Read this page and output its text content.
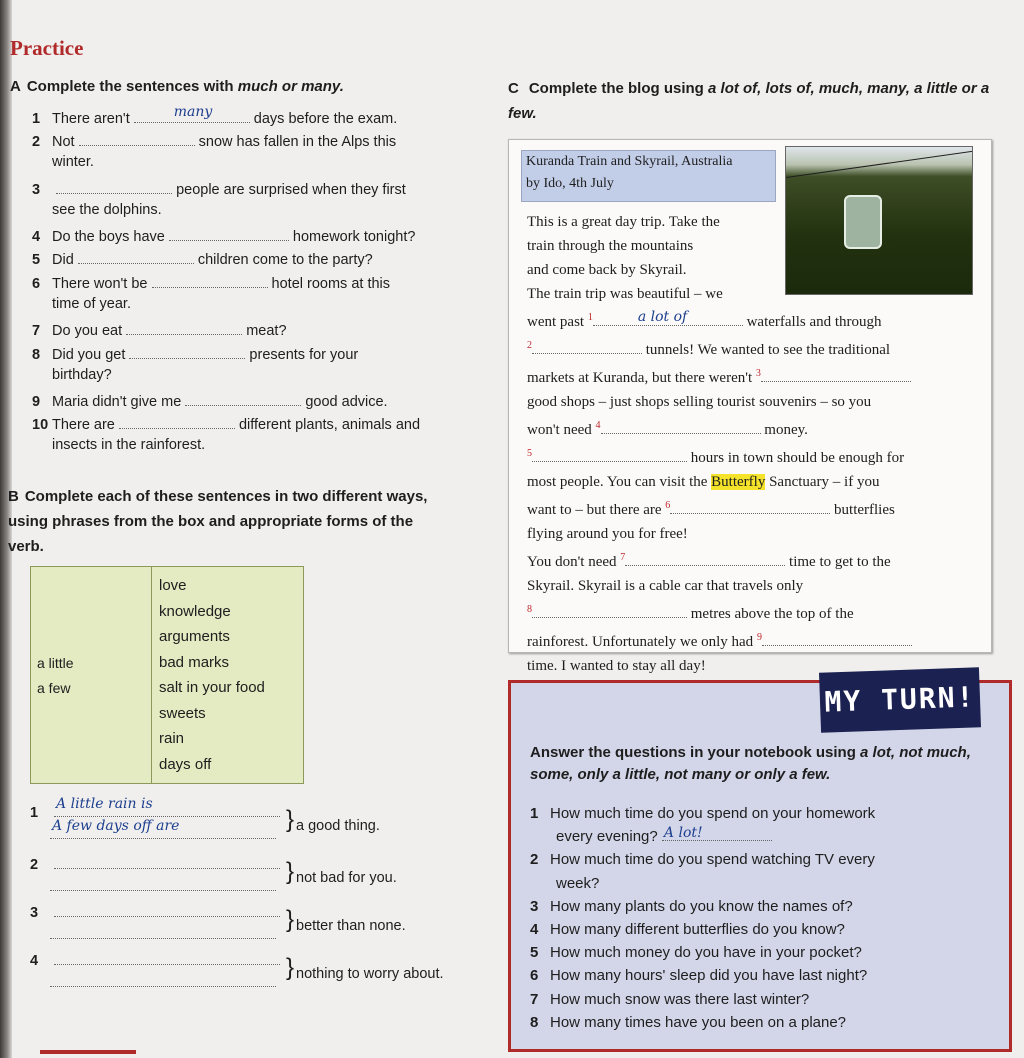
Practice
A Complete the sentences with much or many.
1 There aren't	many	days before the exam.
2 Not	snow has fallen in the Alps this
winter.
3	people are surprised when they first
see the dolphins.
4 Do the boys have	homework tonight?
5 Did	children come to the party?
6 There won't be	hotel rooms at this
time of year.
7 Do you eat	meat?
8 Did you get	presents for your
birthday?
9 Maria didn't give me	good advice.
10 There are	different plants, animals and
insects in the rainforest.
B Complete each of these sentences in two different ways, using phrases from the box and appropriate forms of the verb.
a little
a few
love
knowledge
arguments
bad marks
salt in your food
sweets
rain
days off
1
A little rain is
A few days off are	} a good thing.
2	} not bad for you.
3	} better than none.
4	} nothing to worry about.
C Complete the blog using a lot of, lots of, much, many, a little or a few.
Kuranda Train and Skyrail, Australia
by Ido, 4th July
This is a great day trip. Take the
train through the mountains
and come back by Skyrail.
The train trip was beautiful – we
went past $^1$	a lot of	waterfalls and through
$^2$	tunnels! We wanted to see the traditional
markets at Kuranda, but there weren't $^3$
good shops – just shops selling tourist souvenirs – so you
won't need $^4$	money.
$^5$	hours in town should be enough for
most people. You can visit the Butterfly Sanctuary – if you
want to – but there are $^6$	butterflies
flying around you for free!
You don't need $^7$	time to get to the
Skyrail. Skyrail is a cable car that travels only
$^8$	metres above the top of the
rainforest. Unfortunately we only had $^9$
time. I wanted to stay all day!
MY TURN!
Answer the questions in your notebook using a lot, not much, some, only a little, not many or only a few.
1 How much time do you spend on your homework
every evening? A lot!
2 How much time do you spend watching TV every
week?
3 How many plants do you know the names of?
4 How many different butterflies do you know?
5 How much money do you have in your pocket?
6 How many hours' sleep did you have last night?
7 How much snow was there last winter?
8 How many times have you been on a plane?
